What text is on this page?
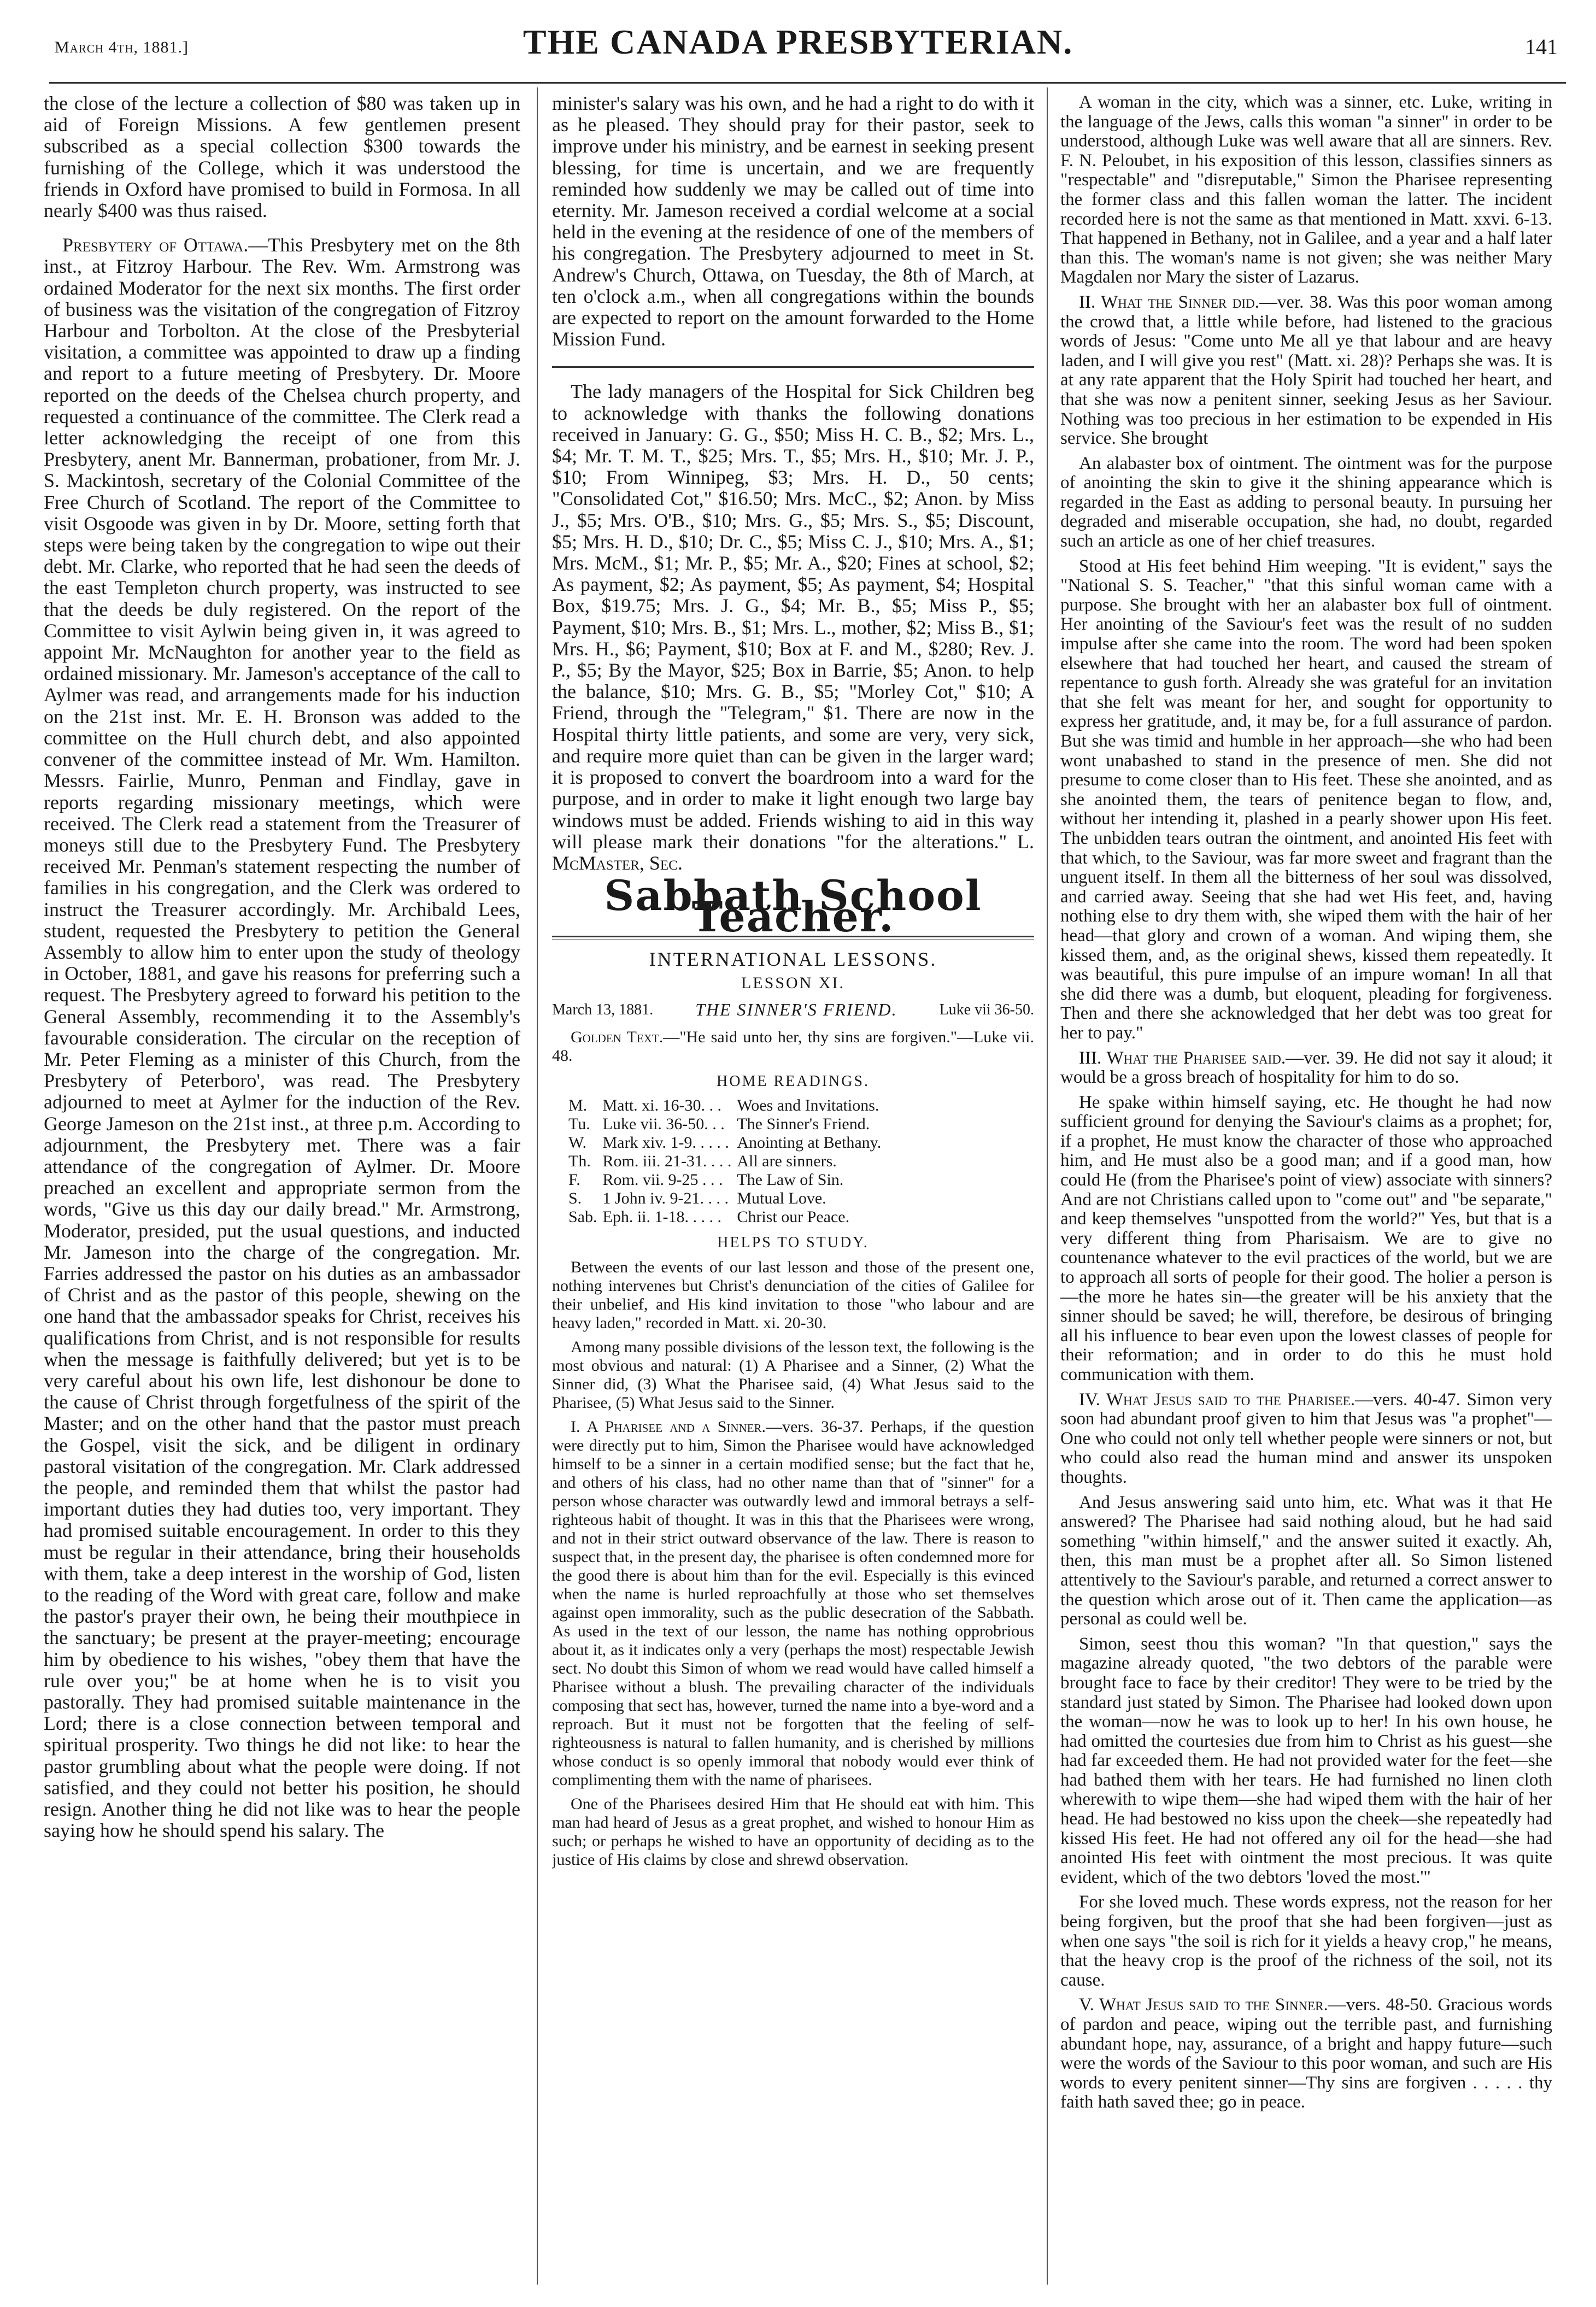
March 4th, 1881.]	THE CANADA PRESBYTERIAN.	141

the close of the lecture a collection of $80 was taken up in aid of Foreign Missions. A few gentlemen present subscribed as a special collection $300 towards the furnishing of the College, which it was understood the friends in Oxford have promised to build in Formosa. In all nearly $400 was thus raised.

Presbytery of Ottawa.—This Presbytery met on the 8th inst., at Fitzroy Harbour. The Rev. Wm. Armstrong was ordained Moderator for the next six months. The first order of business was the visitation of the congregation of Fitzroy Harbour and Torbolton. At the close of the Presbyterial visitation, a committee was appointed to draw up a finding and report to a future meeting of Presbytery. Dr. Moore reported on the deeds of the Chelsea church property, and requested a continuance of the committee. The Clerk read a letter acknowledging the receipt of one from this Presbytery, anent Mr. Bannerman, probationer, from Mr. J. S. Mackintosh, secretary of the Colonial Committee of the Free Church of Scotland. The report of the Committee to visit Osgoode was given in by Dr. Moore, setting forth that steps were being taken by the congregation to wipe out their debt. Mr. Clarke, who reported that he had seen the deeds of the east Templeton church property, was instructed to see that the deeds be duly registered. On the report of the Committee to visit Aylwin being given in, it was agreed to appoint Mr. McNaughton for another year to the field as ordained missionary. Mr. Jameson's acceptance of the call to Aylmer was read, and arrangements made for his induction on the 21st inst. Mr. E. H. Bronson was added to the committee on the Hull church debt, and also appointed convener of the committee instead of Mr. Wm. Hamilton. Messrs. Fairlie, Munro, Penman and Findlay, gave in reports regarding missionary meetings, which were received. The Clerk read a statement from the Treasurer of moneys still due to the Presbytery Fund. The Presbytery received Mr. Penman's statement respecting the number of families in his congregation, and the Clerk was ordered to instruct the Treasurer accordingly. Mr. Archibald Lees, student, requested the Presbytery to petition the General Assembly to allow him to enter upon the study of theology in October, 1881, and gave his reasons for preferring such a request. The Presbytery agreed to forward his petition to the General Assembly, recommending it to the Assembly's favourable consideration. The circular on the reception of Mr. Peter Fleming as a minister of this Church, from the Presbytery of Peterboro', was read. The Presbytery adjourned to meet at Aylmer for the induction of the Rev. George Jameson on the 21st inst., at three p.m. According to adjournment, the Presbytery met. There was a fair attendance of the congregation of Aylmer. Dr. Moore preached an excellent and appropriate sermon from the words, "Give us this day our daily bread." Mr. Armstrong, Moderator, presided, put the usual questions, and inducted Mr. Jameson into the charge of the congregation. Mr. Farries addressed the pastor on his duties as an ambassador of Christ and as the pastor of this people, shewing on the one hand that the ambassador speaks for Christ, receives his qualifications from Christ, and is not responsible for results when the message is faithfully delivered; but yet is to be very careful about his own life, lest dishonour be done to the cause of Christ through forgetfulness of the spirit of the Master; and on the other hand that the pastor must preach the Gospel, visit the sick, and be diligent in ordinary pastoral visitation of the congregation. Mr. Clark addressed the people, and reminded them that whilst the pastor had important duties they had duties too, very important. They had promised suitable encouragement. In order to this they must be regular in their attendance, bring their households with them, take a deep interest in the worship of God, listen to the reading of the Word with great care, follow and make the pastor's prayer their own, he being their mouthpiece in the sanctuary; be present at the prayer-meeting; encourage him by obedience to his wishes, "obey them that have the rule over you;" be at home when he is to visit you pastorally. They had promised suitable maintenance in the Lord; there is a close connection between temporal and spiritual prosperity. Two things he did not like: to hear the pastor grumbling about what the people were doing. If not satisfied, and they could not better his position, he should resign. Another thing he did not like was to hear the people saying how he should spend his salary. The

minister's salary was his own, and he had a right to do with it as he pleased. They should pray for their pastor, seek to improve under his ministry, and be earnest in seeking present blessing, for time is uncertain, and we are frequently reminded how suddenly we may be called out of time into eternity. Mr. Jameson received a cordial welcome at a social held in the evening at the residence of one of the members of his congregation. The Presbytery adjourned to meet in St. Andrew's Church, Ottawa, on Tuesday, the 8th of March, at ten o'clock a.m., when all congregations within the bounds are expected to report on the amount forwarded to the Home Mission Fund.

The lady managers of the Hospital for Sick Children beg to acknowledge with thanks the following donations received in January: G. G., $50; Miss H. C. B., $2; Mrs. L., $4; Mr. T. M. T., $25; Mrs. T., $5; Mrs. H., $10; Mr. J. P., $10; From Winnipeg, $3; Mrs. H. D., 50 cents; "Consolidated Cot," $16.50; Mrs. McC., $2; Anon. by Miss J., $5; Mrs. O'B., $10; Mrs. G., $5; Mrs. S., $5; Discount, $5; Mrs. H. D., $10; Dr. C., $5; Miss C. J., $10; Mrs. A., $1; Mrs. McM., $1; Mr. P., $5; Mr. A., $20; Fines at school, $2; As payment, $2; As payment, $5; As payment, $4; Hospital Box, $19.75; Mrs. J. G., $4; Mr. B., $5; Miss P., $5; Payment, $10; Mrs. B., $1; Mrs. L., mother, $2; Miss B., $1; Mrs. H., $6; Payment, $10; Box at F. and M., $280; Rev. J. P., $5; By the Mayor, $25; Box in Barrie, $5; Anon. to help the balance, $10; Mrs. G. B., $5; "Morley Cot," $10; A Friend, through the "Telegram," $1. There are now in the Hospital thirty little patients, and some are very, very sick, and require more quiet than can be given in the larger ward; it is proposed to convert the boardroom into a ward for the purpose, and in order to make it light enough two large bay windows must be added. Friends wishing to aid in this way will please mark their donations "for the alterations." L. McMaster, Sec.

Sabbath School Teacher.
INTERNATIONAL LESSONS.
LESSON XI.
March 13, 1881. THE SINNER'S FRIEND.	Luke vii 36-50.

Golden Text.—"He said unto her, thy sins are forgiven."—Luke vii. 48.

HOME READINGS.
M.	Matt. xi. 16-30. . .	Woes and Invitations.
Tu.	Luke vii. 36-50. . .	The Sinner's Friend.
W.	Mark xiv. 1-9. . . . .	Anointing at Bethany.
Th.	Rom. iii. 21-31. . . .	All are sinners.
F.	Rom. vii. 9-25 . . .	The Law of Sin.
S.	1 John iv. 9-21. . . .	Mutual Love.
Sab.	Eph. ii. 1-18. . . . .	Christ our Peace.
HELPS TO STUDY.

Between the events of our last lesson and those of the present one, nothing intervenes but Christ's denunciation of the cities of Galilee for their unbelief, and His kind invitation to those "who labour and are heavy laden," recorded in Matt. xi. 20-30.

Among many possible divisions of the lesson text, the following is the most obvious and natural: (1) A Pharisee and a Sinner, (2) What the Sinner did, (3) What the Pharisee said, (4) What Jesus said to the Pharisee, (5) What Jesus said to the Sinner.

I. A Pharisee and a Sinner.—vers. 36-37. Perhaps, if the question were directly put to him, Simon the Pharisee would have acknowledged himself to be a sinner in a certain modified sense; but the fact that he, and others of his class, had no other name than that of "sinner" for a person whose character was outwardly lewd and immoral betrays a self-righteous habit of thought. It was in this that the Pharisees were wrong, and not in their strict outward observance of the law. There is reason to suspect that, in the present day, the pharisee is often condemned more for the good there is about him than for the evil. Especially is this evinced when the name is hurled reproachfully at those who set themselves against open immorality, such as the public desecration of the Sabbath. As used in the text of our lesson, the name has nothing opprobrious about it, as it indicates only a very (perhaps the most) respectable Jewish sect. No doubt this Simon of whom we read would have called himself a Pharisee without a blush. The prevailing character of the individuals composing that sect has, however, turned the name into a bye-word and a reproach. But it must not be forgotten that the feeling of self-righteousness is natural to fallen humanity, and is cherished by millions whose conduct is so openly immoral that nobody would ever think of complimenting them with the name of pharisees.

One of the Pharisees desired Him that He should eat with him. This man had heard of Jesus as a great prophet, and wished to honour Him as such; or perhaps he wished to have an opportunity of deciding as to the justice of His claims by close and shrewd observation.

A woman in the city, which was a sinner, etc. Luke, writing in the language of the Jews, calls this woman "a sinner" in order to be understood, although Luke was well aware that all are sinners. Rev. F. N. Peloubet, in his exposition of this lesson, classifies sinners as "respectable" and "disreputable," Simon the Pharisee representing the former class and this fallen woman the latter. The incident recorded here is not the same as that mentioned in Matt. xxvi. 6-13. That happened in Bethany, not in Galilee, and a year and a half later than this. The woman's name is not given; she was neither Mary Magdalen nor Mary the sister of Lazarus.

II. What the Sinner did.—ver. 38. Was this poor woman among the crowd that, a little while before, had listened to the gracious words of Jesus: "Come unto Me all ye that labour and are heavy laden, and I will give you rest" (Matt. xi. 28)? Perhaps she was. It is at any rate apparent that the Holy Spirit had touched her heart, and that she was now a penitent sinner, seeking Jesus as her Saviour. Nothing was too precious in her estimation to be expended in His service. She brought

An alabaster box of ointment. The ointment was for the purpose of anointing the skin to give it the shining appearance which is regarded in the East as adding to personal beauty. In pursuing her degraded and miserable occupation, she had, no doubt, regarded such an article as one of her chief treasures.

Stood at His feet behind Him weeping. "It is evident," says the "National S. S. Teacher," "that this sinful woman came with a purpose. She brought with her an alabaster box full of ointment. Her anointing of the Saviour's feet was the result of no sudden impulse after she came into the room. The word had been spoken elsewhere that had touched her heart, and caused the stream of repentance to gush forth. Already she was grateful for an invitation that she felt was meant for her, and sought for opportunity to express her gratitude, and, it may be, for a full assurance of pardon. But she was timid and humble in her approach—she who had been wont unabashed to stand in the presence of men. She did not presume to come closer than to His feet. These she anointed, and as she anointed them, the tears of penitence began to flow, and, without her intending it, plashed in a pearly shower upon His feet. The unbidden tears outran the ointment, and anointed His feet with that which, to the Saviour, was far more sweet and fragrant than the unguent itself. In them all the bitterness of her soul was dissolved, and carried away. Seeing that she had wet His feet, and, having nothing else to dry them with, she wiped them with the hair of her head—that glory and crown of a woman. And wiping them, she kissed them, and, as the original shews, kissed them repeatedly. It was beautiful, this pure impulse of an impure woman! In all that she did there was a dumb, but eloquent, pleading for forgiveness. Then and there she acknowledged that her debt was too great for her to pay."

III. What the Pharisee said.—ver. 39. He did not say it aloud; it would be a gross breach of hospitality for him to do so.

He spake within himself saying, etc. He thought he had now sufficient ground for denying the Saviour's claims as a prophet; for, if a prophet, He must know the character of those who approached him, and He must also be a good man; and if a good man, how could He (from the Pharisee's point of view) associate with sinners? And are not Christians called upon to "come out" and "be separate," and keep themselves "unspotted from the world?" Yes, but that is a very different thing from Pharisaism. We are to give no countenance whatever to the evil practices of the world, but we are to approach all sorts of people for their good. The holier a person is—the more he hates sin—the greater will be his anxiety that the sinner should be saved; he will, therefore, be desirous of bringing all his influence to bear even upon the lowest classes of people for their reformation; and in order to do this he must hold communication with them.

IV. What Jesus said to the Pharisee.—vers. 40-47. Simon very soon had abundant proof given to him that Jesus was "a prophet"—One who could not only tell whether people were sinners or not, but who could also read the human mind and answer its unspoken thoughts.

And Jesus answering said unto him, etc. What was it that He answered? The Pharisee had said nothing aloud, but he had said something "within himself," and the answer suited it exactly. Ah, then, this man must be a prophet after all. So Simon listened attentively to the Saviour's parable, and returned a correct answer to the question which arose out of it. Then came the application—as personal as could well be.

Simon, seest thou this woman? "In that question," says the magazine already quoted, "the two debtors of the parable were brought face to face by their creditor! They were to be tried by the standard just stated by Simon. The Pharisee had looked down upon the woman—now he was to look up to her! In his own house, he had omitted the courtesies due from him to Christ as his guest—she had far exceeded them. He had not provided water for the feet—she had bathed them with her tears. He had furnished no linen cloth wherewith to wipe them—she had wiped them with the hair of her head. He had bestowed no kiss upon the cheek—she repeatedly had kissed His feet. He had not offered any oil for the head—she had anointed His feet with ointment the most precious. It was quite evident, which of the two debtors 'loved the most.'"

For she loved much. These words express, not the reason for her being forgiven, but the proof that she had been forgiven—just as when one says "the soil is rich for it yields a heavy crop," he means, that the heavy crop is the proof of the richness of the soil, not its cause.

V. What Jesus said to the Sinner.—vers. 48-50. Gracious words of pardon and peace, wiping out the terrible past, and furnishing abundant hope, nay, assurance, of a bright and happy future—such were the words of the Saviour to this poor woman, and such are His words to every penitent sinner—Thy sins are forgiven . . . . . thy faith hath saved thee; go in peace.
